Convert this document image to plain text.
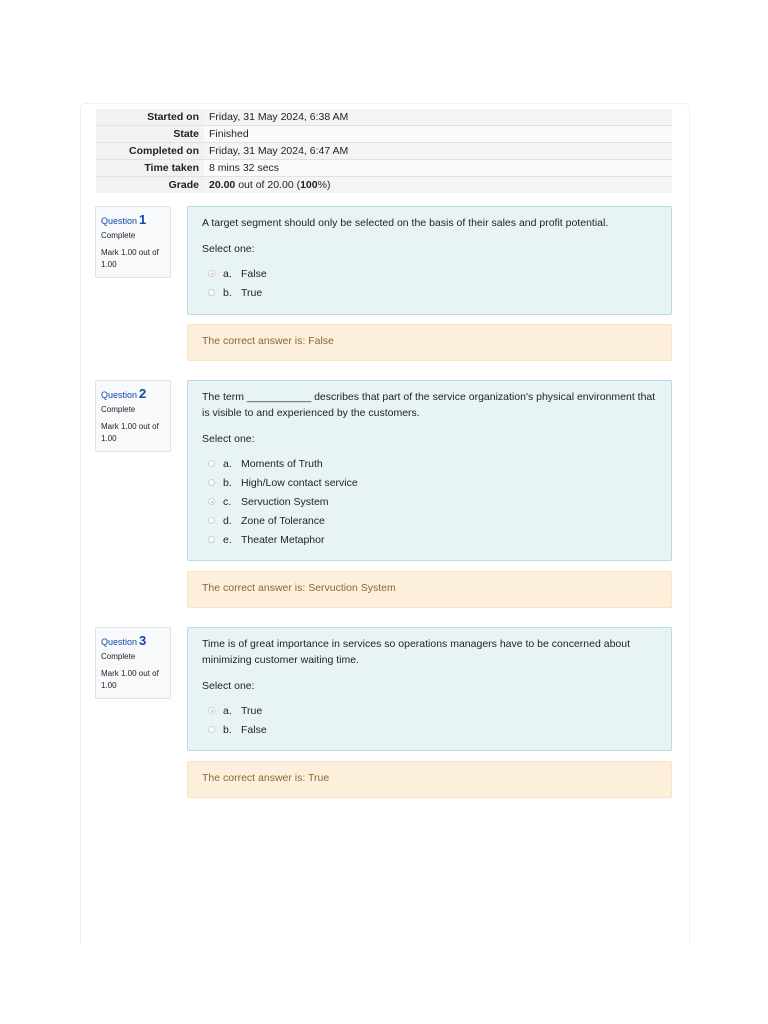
Started on	Friday, 31 May 2024, 6:38 AM
State	Finished
Completed on	Friday, 31 May 2024, 6:47 AM
Time taken	8 mins 32 secs
Grade	20.00 out of 20.00 (100%)
Question 1
Complete
Mark 1.00 out of 1.00
A target segment should only be selected on the basis of their sales and profit potential.
Select one:
a. False
b. True
The correct answer is: False
Question 2
Complete
Mark 1.00 out of 1.00
The term ___________ describes that part of the service organization's physical environment that is visible to and experienced by the customers.
Select one:
a. Moments of Truth
b. High/Low contact service
c. Servuction System
d. Zone of Tolerance
e. Theater Metaphor
The correct answer is: Servuction System
Question 3
Complete
Mark 1.00 out of 1.00
Time is of great importance in services so operations managers have to be concerned about minimizing customer waiting time.
Select one:
a. True
b. False
The correct answer is: True
